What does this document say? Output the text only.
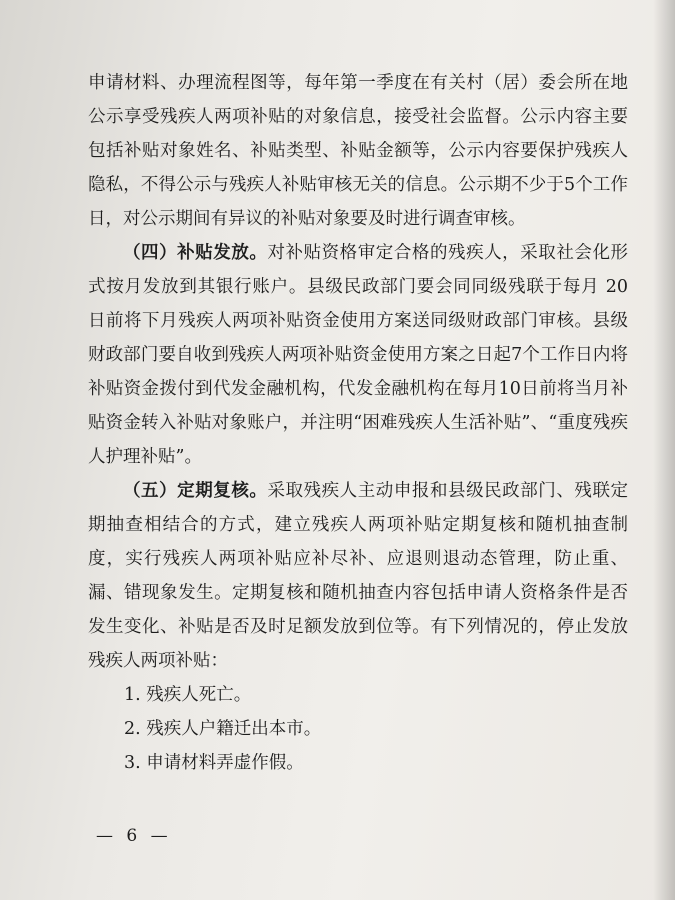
申请材料、办理流程图等，每年第一季度在有关村（居）委会所在地公示享受残疾人两项补贴的对象信息，接受社会监督。公示内容主要包括补贴对象姓名、补贴类型、补贴金额等，公示内容要保护残疾人隐私，不得公示与残疾人补贴审核无关的信息。公示期不少于5个工作日，对公示期间有异议的补贴对象要及时进行调查审核。

（四）补贴发放。对补贴资格审定合格的残疾人，采取社会化形式按月发放到其银行账户。县级民政部门要会同同级残联于每月 20 日前将下月残疾人两项补贴资金使用方案送同级财政部门审核。县级财政部门要自收到残疾人两项补贴资金使用方案之日起7个工作日内将补贴资金拨付到代发金融机构，代发金融机构在每月10日前将当月补贴资金转入补贴对象账户，并注明“困难残疾人生活补贴”、“重度残疾人护理补贴”。

（五）定期复核。采取残疾人主动申报和县级民政部门、残联定期抽查相结合的方式，建立残疾人两项补贴定期复核和随机抽查制度，实行残疾人两项补贴应补尽补、应退则退动态管理，防止重、漏、错现象发生。定期复核和随机抽查内容包括申请人资格条件是否发生变化、补贴是否及时足额发放到位等。有下列情况的，停止发放残疾人两项补贴：

1. 残疾人死亡。

2. 残疾人户籍迁出本市。

3. 申请材料弄虚作假。

— 6 —
